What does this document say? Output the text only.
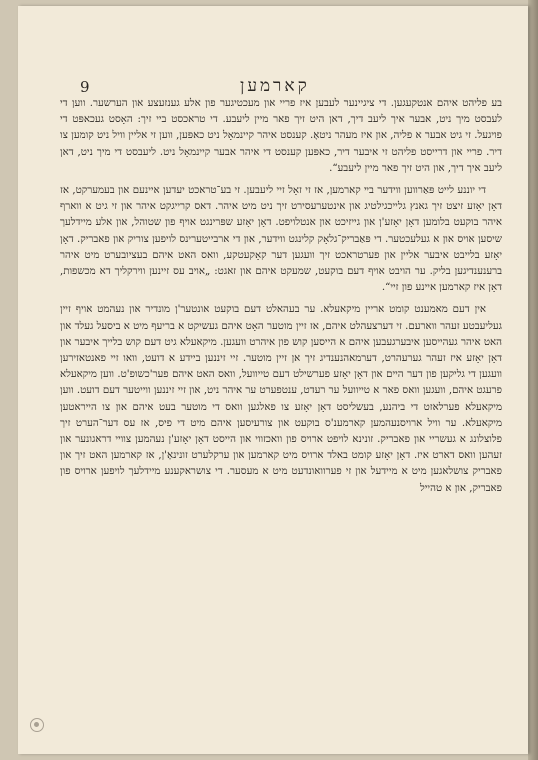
9	קארמען

בע פליהט איהם אנטקעגען. די ציגיינער לעבען איז פריי און מעכטיגער פון אלע גענזעצע און הערשער. ווען די לעבסט מיך ניט, אבער איך ליעב דיך, דאן היט זיך פאר מיין ליעבע. די טראכסט ביי זיך: האָסט געכאפּט די פויגעל. זי גיט אבער א פליה, און איז מעהר ניטאָ. קענסט איהר קיינמאָל ניט כאפּען, ווען זי אליין וויל ניט קומען צו דיר. פריי און דרייסט פליהט זי איבער דיר, כאפּען קענסט די איהר אבער קיינמאָל ניט. ליעבסט די מיך ניט, דאן ליעב איך דיך, און היט זיך פאר מיין ליעבע“.

די יוננע לייט פּאַרווען ווידער בײ קארמען, אז זי זאָל זיי ליעבען. זי בע־טראכט יעדען איינעם און בעמערקט, אז דאָן יאָזע זיצט זיך גאנץ גלייכגילטיג און אינטערעסירט זיך ניט מיט איהר. דאס קרייגקט איהר און זי גיט א ווארף איהר בוקעט בלומען דאָן יאָזע'ן און גייזיכט און אנטלויפט. דאָן יאָזע שפּרינגט אויף פון שטוהל, און אלע מיידלעך שיסען אויס און א געלעכטער. די פּאַבריק־גלאָק קלינגט ווידער, און די ארבייטערינס לויפען צוריק און פאבריק. דאָן יאָזע בלייבט איבער אליין און פערטראכט זיך וועגען דער קאָקעטקע, וואס האט איהם בעציובערט מיט איהר ברענענדיגען בליק. ער הויבט אויף דעם בוקעט, שמעקט איהם און זאגט: „אויב עס זיינען ווירקליך דא מכשפות, דאָן איז קארמען איינע פון זיי“.

אין דעם מאמענט קומט אריין מיקאעלא. ער בעהאלט דעם בוקעט אונטער'ן מונדיר און נעהמט אויף זיין געליעבטע זעהר ווארעם. זי דערצעהלט איהם, אז זיין מוטער האָט איהם געשיקט א בריעף מיט א ביסעל געלד און האט איהר געהייסען איבערגעבען איהם א הייסען קוש פון איהרט וועגען. מיקאעלא גיט דעם קוש בלייך איבער און דאָן יאָזע איז זעהר גערעהרט, דערמאהנענדיג זיך אן זיין מוטער. זיי זיננען ביידע א דועט, וואו זיי פאנטאזירען וועגען די גליקען פון דער היים און דאָן יאָזע פערשילט דעם טייוועל, וואס האט איהם פער'כשופ'ט. ווען מיקאעלא פרעגט איהם, וועגען וואס פאר א טייוועל ער רעדט, ענטפערט ער איהר ניט, און זיי זיננען ווייטער דעם דועט. ווען מיקאעלא פערלאזט די ביהנע, בעשליסט דאָן יאָזע צו פאלגען וואס די מוטער בעט איהם און צו הייראטען מיקאעלא. ער וויל ארויסנעהמען קארמענ'ס בוקעט און צורעיסען איהם מיט די פיס, אז עס דער־הערט זיך פלוצלונג א געשריי און פאבריק. זונינא לויפט ארויס פון וואכזווי און הייסט דאָן יאָזע'ן נעהמען צוויי דראגונער און זעהען וואס דארט איז. דאָן יאָזע קומט באלד ארויס מיט קארמען און ערקלערט זונינאָ'ן, אז קארמען האט זיך און פאבריק צושלאגען מיט א מיידעל און זי פערוואונדעט מיט א מעסער. די צושראקענע מיידלעך לויפען ארויס פון פאבריק, און א טהייל
